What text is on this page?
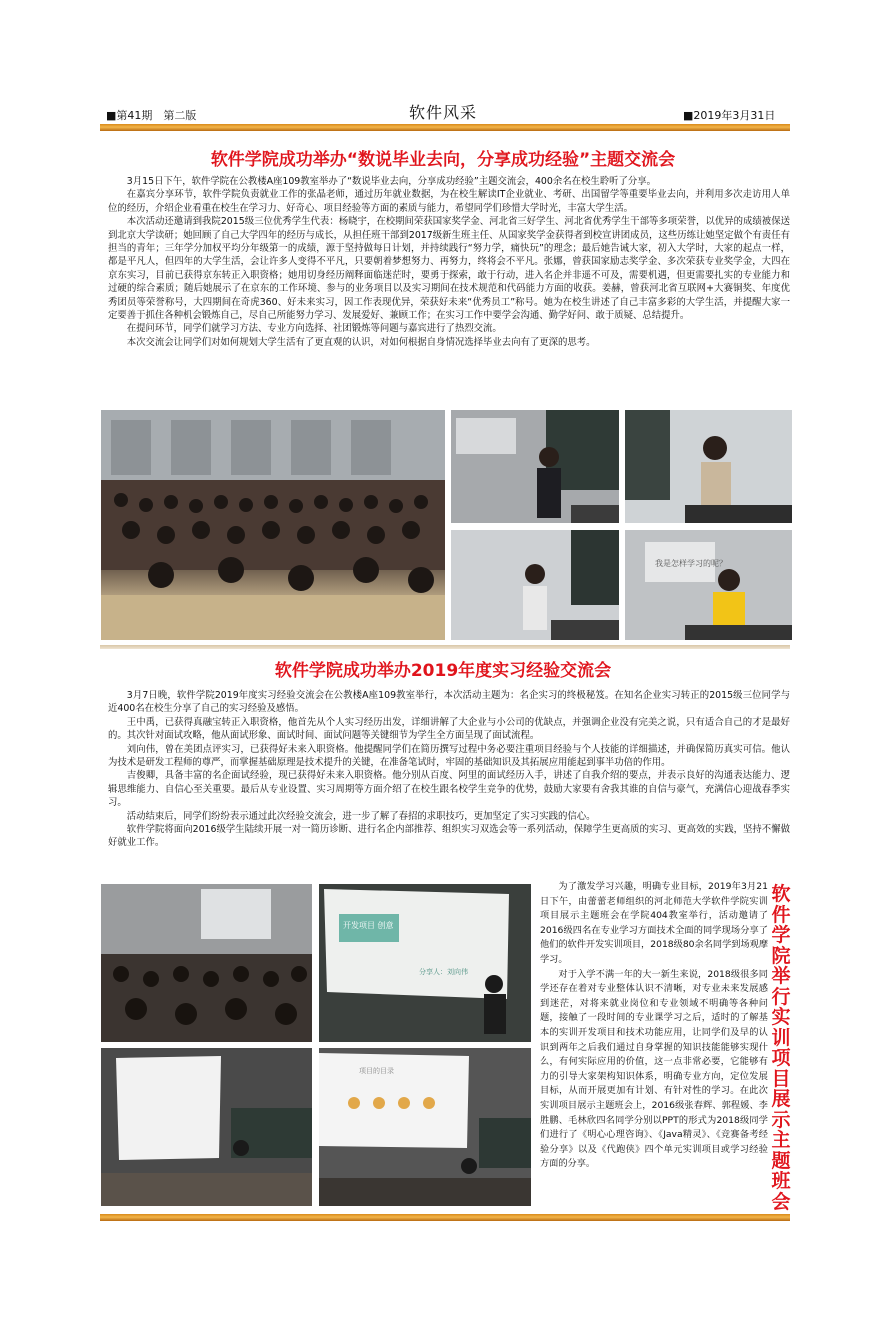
■第41期　第二版	软件风采	■2019年3月31日
软件学院成功举办“数说毕业去向，分享成功经验”主题交流会

3月15日下午，软件学院在公教楼A座109教室举办了“数说毕业去向，分享成功经验”主题交流会，400余名在校生聆听了分享。

在嘉宾分享环节，软件学院负责就业工作的张晶老师，通过历年就业数据，为在校生解读IT企业就业、考研、出国留学等重要毕业去向，并利用多次走访用人单位的经历，介绍企业看重在校生在学习力、好奇心、项目经验等方面的素质与能力，希望同学们珍惜大学时光，丰富大学生活。

本次活动还邀请到我院2015级三位优秀学生代表：杨晓宇，在校期间荣获国家奖学金、河北省三好学生、河北省优秀学生干部等多项荣誉，以优异的成绩被保送到北京大学读研；她回顾了自己大学四年的经历与成长，从担任班干部到2017级新生班主任、从国家奖学金获得者到校宣讲团成员，这些历练让她坚定做个有责任有担当的青年；三年学分加权平均分年级第一的成绩，源于坚持做每日计划，并持续践行“努力学，痛快玩”的理念；最后她告诫大家，初入大学时，大家的起点一样，都是平凡人，但四年的大学生活，会让许多人变得不平凡，只要朝着梦想努力、再努力，终将会不平凡。张娜，曾获国家励志奖学金、多次荣获专业奖学金，大四在京东实习，目前已获得京东转正入职资格；她用切身经历阐释面临迷茫时，要勇于探索，敢于行动，进入名企并非遥不可及，需要机遇，但更需要扎实的专业能力和过硬的综合素质；随后她展示了在京东的工作环境、参与的业务项目以及实习期间在技术规范和代码能力方面的收获。姜赫，曾获河北省互联网+大赛铜奖、年度优秀团员等荣誉称号，大四期间在奇虎360、好未来实习，因工作表现优异，荣获好未来“优秀员工”称号。她为在校生讲述了自己丰富多彩的大学生活，并提醒大家一定要善于抓住各种机会锻炼自己，尽自己所能努力学习、发展爱好、兼顾工作；在实习工作中要学会沟通、勤学好问、敢于质疑、总结提升。

在提问环节，同学们就学习方法、专业方向选择、社团锻炼等问题与嘉宾进行了热烈交流。

本次交流会让同学们对如何规划大学生活有了更直观的认识，对如何根据自身情况选择毕业去向有了更深的思考。

我是怎样学习的呢？
软件学院成功举办2019年度实习经验交流会

3月7日晚，软件学院2019年度实习经验交流会在公教楼A座109教室举行，本次活动主题为：名企实习的终极秘笈。在知名企业实习转正的2015级三位同学与近400名在校生分享了自己的实习经验及感悟。

王中禹，已获得真融宝转正入职资格，他首先从个人实习经历出发，详细讲解了大企业与小公司的优缺点，并强调企业没有完美之说，只有适合自己的才是最好的。其次针对面试攻略，他从面试形象、面试时间、面试问题等关键细节为学生全方面呈现了面试流程。

刘向伟，曾在美团点评实习，已获得好未来入职资格。他提醒同学们在简历撰写过程中务必要注重项目经验与个人技能的详细描述，并确保简历真实可信。他认为技术是研发工程师的尊严，而掌握基础原理是技术提升的关键，在准备笔试时，牢固的基础知识及其拓展应用能起到事半功倍的作用。

吉俊卿，具备丰富的名企面试经验，现已获得好未来入职资格。他分别从百度、阿里的面试经历入手，讲述了自我介绍的要点，并表示良好的沟通表达能力、逻辑思维能力、自信心至关重要。最后从专业设置、实习周期等方面介绍了在校生跟名校学生竞争的优势，鼓励大家要有舍我其谁的自信与豪气，充满信心迎战春季实习。

活动结束后，同学们纷纷表示通过此次经验交流会，进一步了解了春招的求职技巧，更加坚定了实习实践的信心。

软件学院将面向2016级学生陆续开展一对一简历诊断、进行名企内部推荐、组织实习双选会等一系列活动，保障学生更高质的实习、更高效的实践，坚持不懈做好就业工作。

开发项目 创意
分享人：刘向伟
项目的目录

为了激发学习兴趣，明确专业目标，2019年3月21日下午，由蕾蕾老师组织的河北师范大学软件学院实训项目展示主题班会在学院404教室举行，活动邀请了2016级四名在专业学习方面技术全面的同学现场分享了他们的软件开发实训项目，2018级80余名同学到场观摩学习。

对于入学不满一年的大一新生来说，2018级很多同学还存在着对专业整体认识不清晰，对专业未来发展感到迷茫，对将来就业岗位和专业领域不明确等各种问题，接触了一段时间的专业课学习之后，适时的了解基本的实训开发项目和技术功能应用，让同学们及早的认识到两年之后我们通过自身掌握的知识技能能够实现什么，有何实际应用的价值，这一点非常必要，它能够有力的引导大家架构知识体系，明确专业方向，定位发展目标，从而开展更加有计划、有针对性的学习。在此次实训项目展示主题班会上，2016级张春辉、郭程媛、李胜鹏、毛林欣四名同学分别以PPT的形式为2018级同学们进行了《明心心理咨询》、《Java精灵》、《竞赛备考经验分享》以及《代跑侠》四个单元实训项目或学习经验方面的分享。

软件学院举行实训项目展示主题班会
